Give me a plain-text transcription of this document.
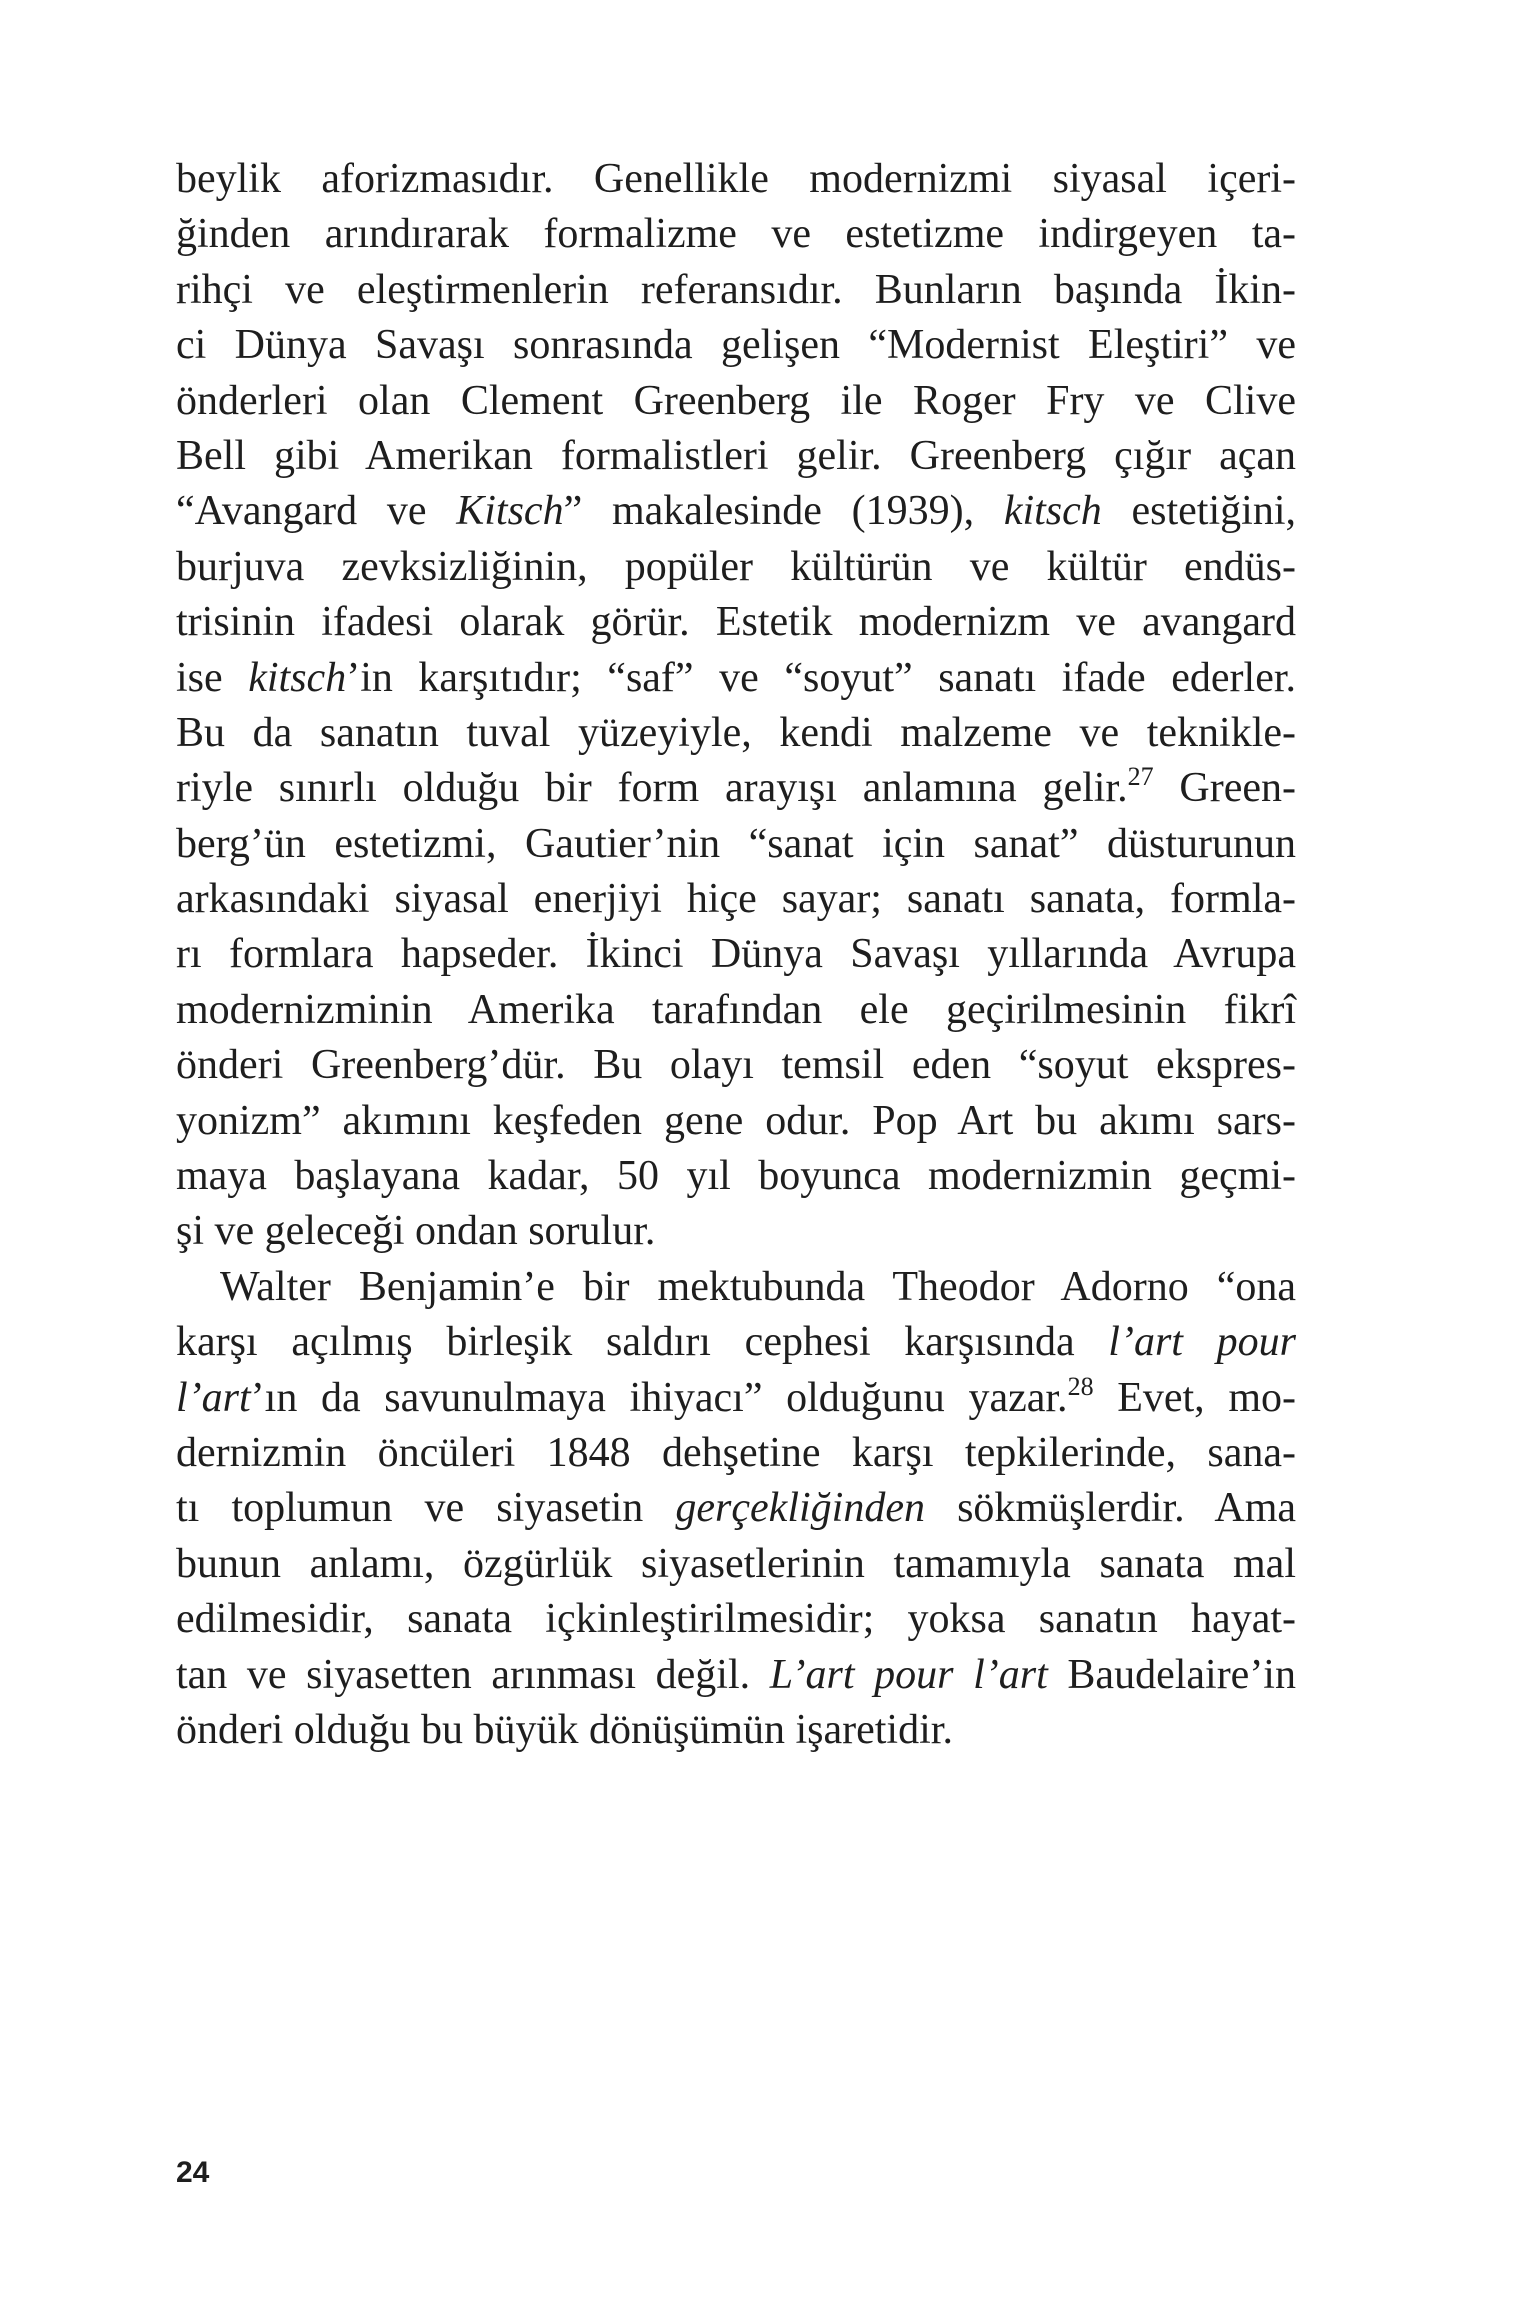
beylik aforizmasıdır. Genellikle modernizmi siyasal içeri-
ğinden arındırarak formalizme ve estetizme indirgeyen ta-
rihçi ve eleştirmenlerin referansıdır. Bunların başında İkin-
ci Dünya Savaşı sonrasında gelişen “Modernist Eleştiri” ve
önderleri olan Clement Greenberg ile Roger Fry ve Clive
Bell gibi Amerikan formalistleri gelir. Greenberg çığır açan
“Avangard ve Kitsch” makalesinde (1939), kitsch estetiğini,
burjuva zevksizliğinin, popüler kültürün ve kültür endüs-
trisinin ifadesi olarak görür. Estetik modernizm ve avangard
ise kitsch’in karşıtıdır; “saf” ve “soyut” sanatı ifade ederler.
Bu da sanatın tuval yüzeyiyle, kendi malzeme ve teknikle-
riyle sınırlı olduğu bir form arayışı anlamına gelir.$^{27}$ Green-
berg’ün estetizmi, Gautier’nin “sanat için sanat” düsturunun
arkasındaki siyasal enerjiyi hiçe sayar; sanatı sanata, formla-
rı formlara hapseder. İkinci Dünya Savaşı yıllarında Avrupa
modernizminin Amerika tarafından ele geçirilmesinin fikrî
önderi Greenberg’dür. Bu olayı temsil eden “soyut ekspres-
yonizm” akımını keşfeden gene odur. Pop Art bu akımı sars-
maya başlayana kadar, 50 yıl boyunca modernizmin geçmi-
şi ve geleceği ondan sorulur.
Walter Benjamin’e bir mektubunda Theodor Adorno “ona
karşı açılmış birleşik saldırı cephesi karşısında l’art pour
l’art’ın da savunulmaya ihiyacı” olduğunu yazar.$^{28}$ Evet, mo-
dernizmin öncüleri 1848 dehşetine karşı tepkilerinde, sana-
tı toplumun ve siyasetin gerçekliğinden sökmüşlerdir. Ama
bunun anlamı, özgürlük siyasetlerinin tamamıyla sanata mal
edilmesidir, sanata içkinleştirilmesidir; yoksa sanatın hayat-
tan ve siyasetten arınması değil. L’art pour l’art Baudelaire’in
önderi olduğu bu büyük dönüşümün işaretidir.
24
